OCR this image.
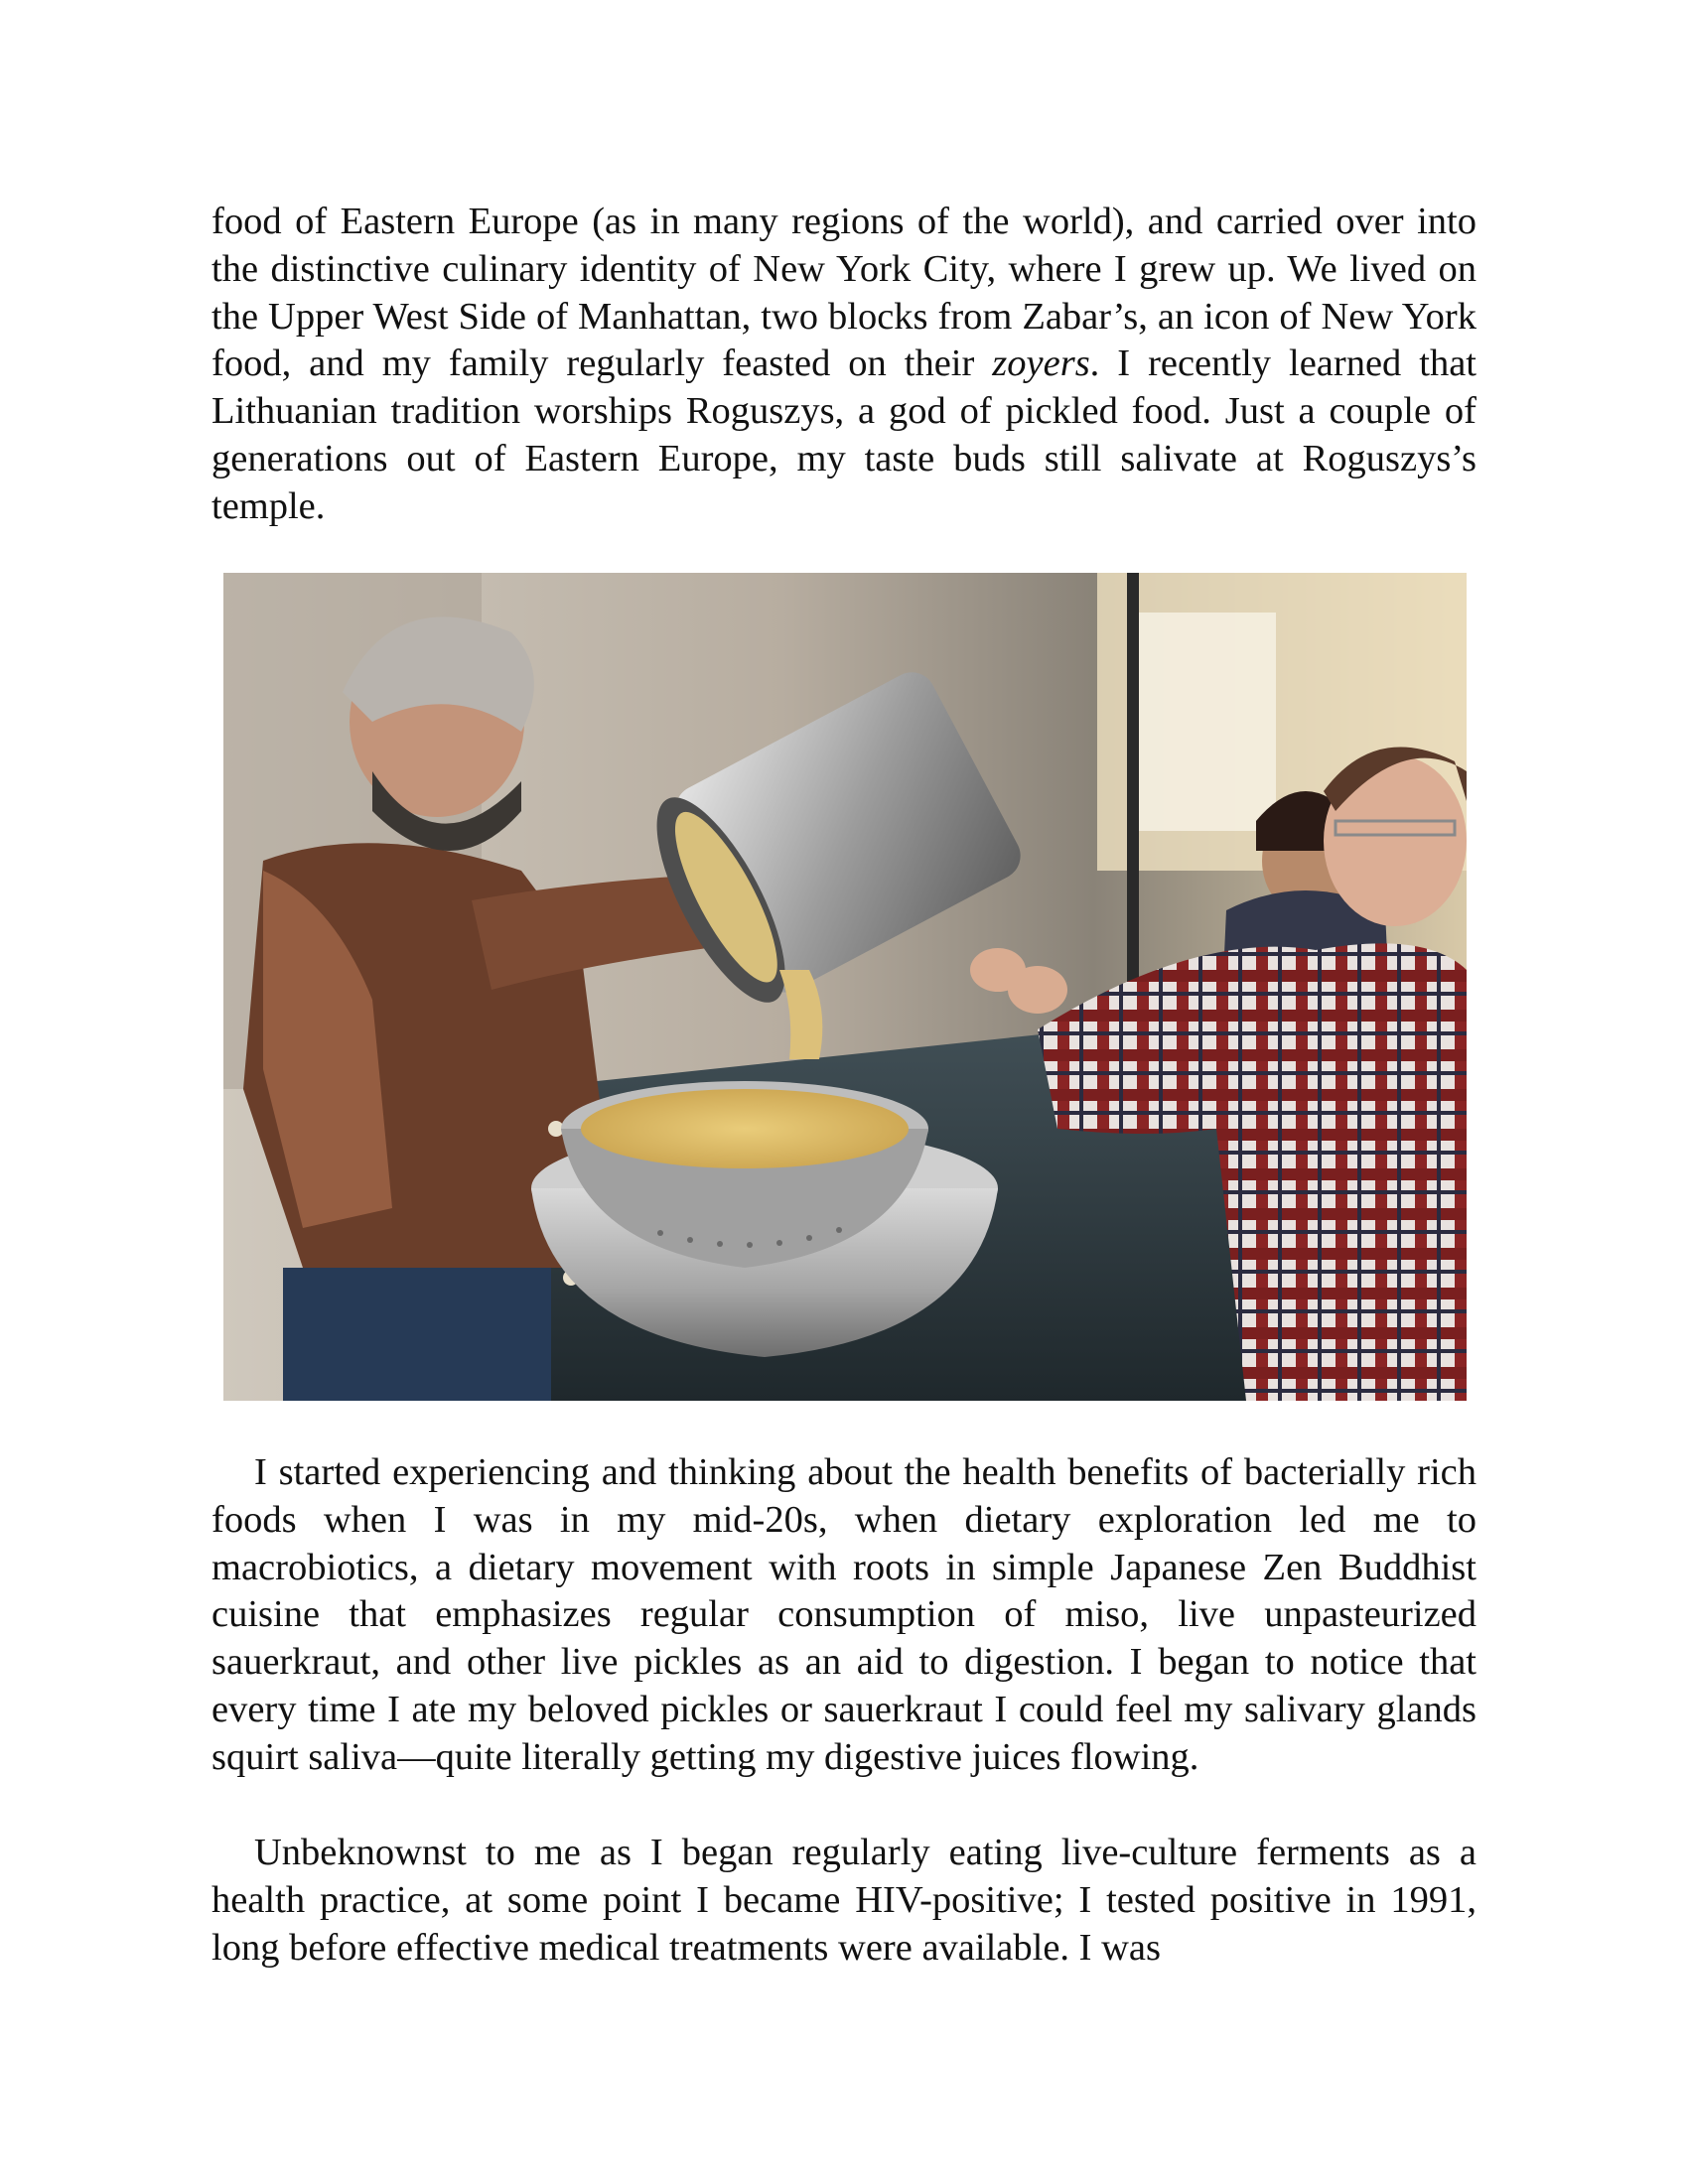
food of Eastern Europe (as in many regions of the world), and carried over into the distinctive culinary identity of New York City, where I grew up. We lived on the Upper West Side of Manhattan, two blocks from Zabar’s, an icon of New York food, and my family regularly feasted on their zoyers. I recently learned that Lithuanian tradition worships Roguszys, a god of pickled food. Just a couple of generations out of Eastern Europe, my taste buds still salivate at Roguszys’s temple.

I started experiencing and thinking about the health benefits of bacterially rich foods when I was in my mid-20s, when dietary exploration led me to macrobiotics, a dietary movement with roots in simple Japanese Zen Buddhist cuisine that emphasizes regular consumption of miso, live unpasteurized sauerkraut, and other live pickles as an aid to digestion. I began to notice that every time I ate my beloved pickles or sauerkraut I could feel my salivary glands squirt saliva—quite literally getting my digestive juices flowing.

Unbeknownst to me as I began regularly eating live-culture ferments as a health practice, at some point I became HIV-positive; I tested positive in 1991, long before effective medical treatments were available. I was
